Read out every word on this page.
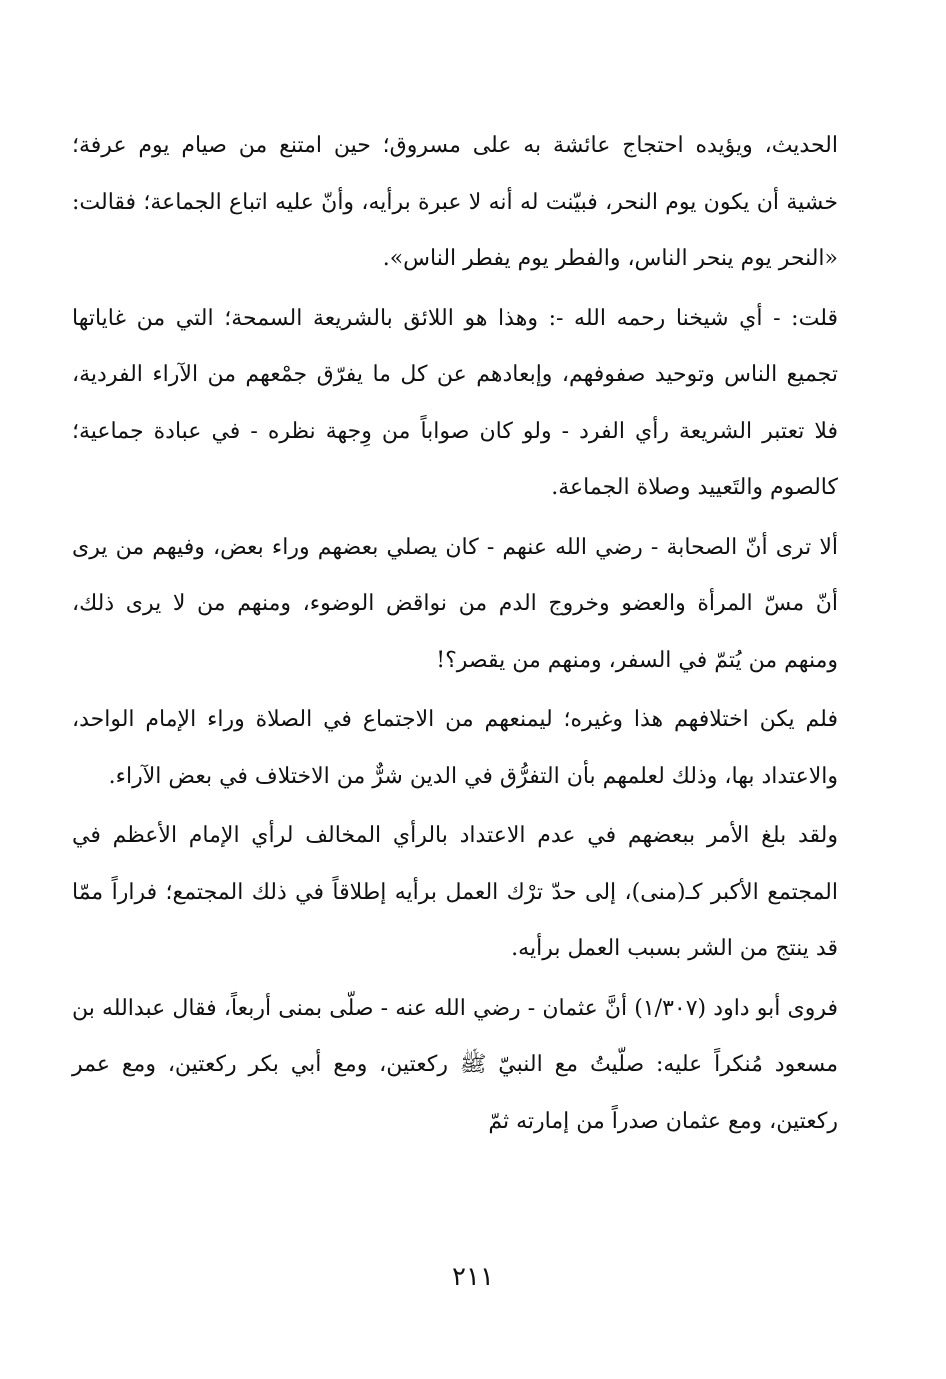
الحديث، ويؤيده احتجاج عائشة به على مسروق؛ حين امتنع من صيام يوم عرفة؛ خشية أن يكون يوم النحر، فبيّنت له أنه لا عبرة برأيه، وأنّ عليه اتباع الجماعة؛ فقالت: «النحر يوم ينحر الناس، والفطر يوم يفطر الناس».

قلت: - أي شيخنا رحمه الله -: وهذا هو اللائق بالشريعة السمحة؛ التي من غاياتها تجميع الناس وتوحيد صفوفهم، وإبعادهم عن كل ما يفرّق جمْعهم من الآراء الفردية، فلا تعتبر الشريعة رأي الفرد - ولو كان صواباً من وِجهة نظره - في عبادة جماعية؛ كالصوم والتَعييد وصلاة الجماعة.

ألا ترى أنّ الصحابة - رضي الله عنهم - كان يصلي بعضهم وراء بعض، وفيهم من يرى أنّ مسّ المرأة والعضو وخروج الدم من نواقض الوضوء، ومنهم من لا يرى ذلك، ومنهم من يُتمّ في السفر، ومنهم من يقصر؟!

فلم يكن اختلافهم هذا وغيره؛ ليمنعهم من الاجتماع في الصلاة وراء الإمام الواحد، والاعتداد بها، وذلك لعلمهم بأن التفرُّق في الدين شرٌّ من الاختلاف في بعض الآراء.

ولقد بلغ الأمر ببعضهم في عدم الاعتداد بالرأي المخالف لرأي الإمام الأعظم في المجتمع الأكبر كـ(منى)، إلى حدّ ترْك العمل برأيه إطلاقاً في ذلك المجتمع؛ فراراً ممّا قد ينتج من الشر بسبب العمل برأيه.

فروى أبو داود (١/٣٠٧) أنَّ عثمان - رضي الله عنه - صلّى بمنى أربعاً، فقال عبدالله بن مسعود مُنكراً عليه: صلّيتُ مع النبيّ ﷺ ركعتين، ومع أبي بكر ركعتين، ومع عمر ركعتين، ومع عثمان صدراً من إمارته ثمّ

٢١١
